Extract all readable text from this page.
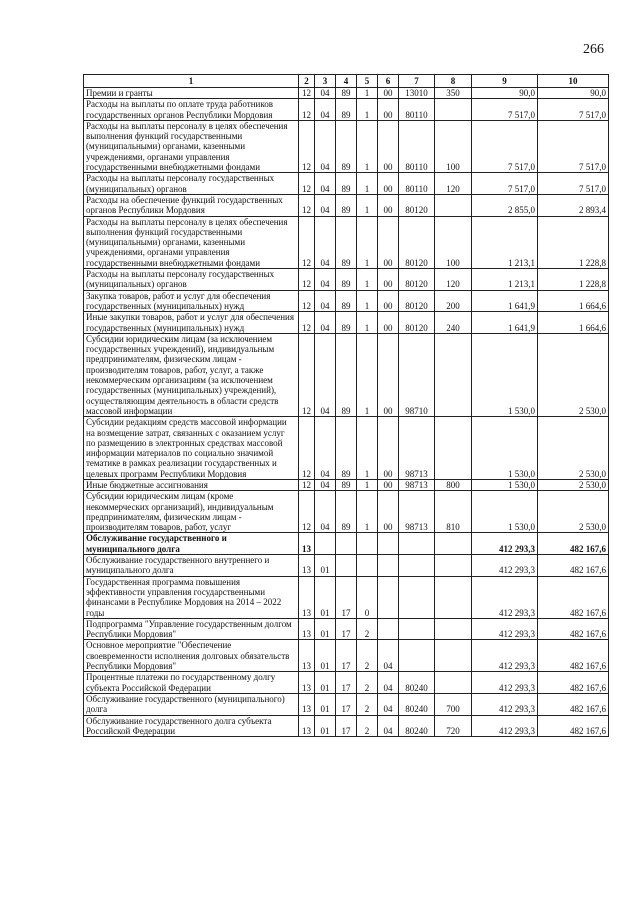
266
1	2	3	4	5	6	7	8	9	10
Премии и гранты	12	04	89	1	00	13010	350	90,0	90,0
Расходы на выплаты по оплате труда работников государственных органов Республики Мордовия	12	04	89	1	00	80110		7 517,0	7 517,0
Расходы на выплаты персоналу в целях обеспечения выполнения функций государственными (муниципальными) органами, казенными учреждениями, органами управления государственными внебюджетными фондами	12	04	89	1	00	80110	100	7 517,0	7 517,0
Расходы на выплаты персоналу государственных (муниципальных) органов	12	04	89	1	00	80110	120	7 517,0	7 517,0
Расходы на обеспечение функций государственных органов Республики Мордовия	12	04	89	1	00	80120		2 855,0	2 893,4
Расходы на выплаты персоналу в целях обеспечения выполнения функций государственными (муниципальными) органами, казенными учреждениями, органами управления государственными внебюджетными фондами	12	04	89	1	00	80120	100	1 213,1	1 228,8
Расходы на выплаты персоналу государственных (муниципальных) органов	12	04	89	1	00	80120	120	1 213,1	1 228,8
Закупка товаров, работ и услуг для обеспечения государственных (муниципальных) нужд	12	04	89	1	00	80120	200	1 641,9	1 664,6
Иные закупки товаров, работ и услуг для обеспечения государственных (муниципальных) нужд	12	04	89	1	00	80120	240	1 641,9	1 664,6
Субсидии юридическим лицам (за исключением государственных учреждений), индивидуальным предпринимателям, физическим лицам - производителям товаров, работ, услуг, а также некоммерческим организациям (за исключением государственных (муниципальных) учреждений), осуществляющим деятельность в области средств массовой информации	12	04	89	1	00	98710		1 530,0	2 530,0
Субсидии редакциям средств массовой информации на возмещение затрат, связанных с оказанием услуг по размещению в электронных средствах массовой информации материалов по социально значимой тематике в рамках реализации государственных и целевых программ Республики Мордовия	12	04	89	1	00	98713		1 530,0	2 530,0
Иные бюджетные ассигнования	12	04	89	1	00	98713	800	1 530,0	2 530,0
Субсидии юридическим лицам (кроме некоммерческих организаций), индивидуальным предпринимателям, физическим лицам - производителям товаров, работ, услуг	12	04	89	1	00	98713	810	1 530,0	2 530,0
Обслуживание государственного и муниципального долга	13							412 293,3	482 167,6
Обслуживание государственного внутреннего и муниципального долга	13	01						412 293,3	482 167,6
Государственная программа повышения эффективности управления государственными финансами в Республике Мордовия на 2014 – 2022 годы	13	01	17	0				412 293,3	482 167,6
Подпрограмма "Управление государственным долгом Республики Мордовия"	13	01	17	2				412 293,3	482 167,6
Основное мероприятие "Обеспечение своевременности исполнения долговых обязательств Республики Мордовия"	13	01	17	2	04			412 293,3	482 167,6
Процентные платежи по государственному долгу субъекта Российской Федерации	13	01	17	2	04	80240		412 293,3	482 167,6
Обслуживание государственного (муниципального) долга	13	01	17	2	04	80240	700	412 293,3	482 167,6
Обслуживание государственного долга субъекта Российской Федерации	13	01	17	2	04	80240	720	412 293,3	482 167,6
